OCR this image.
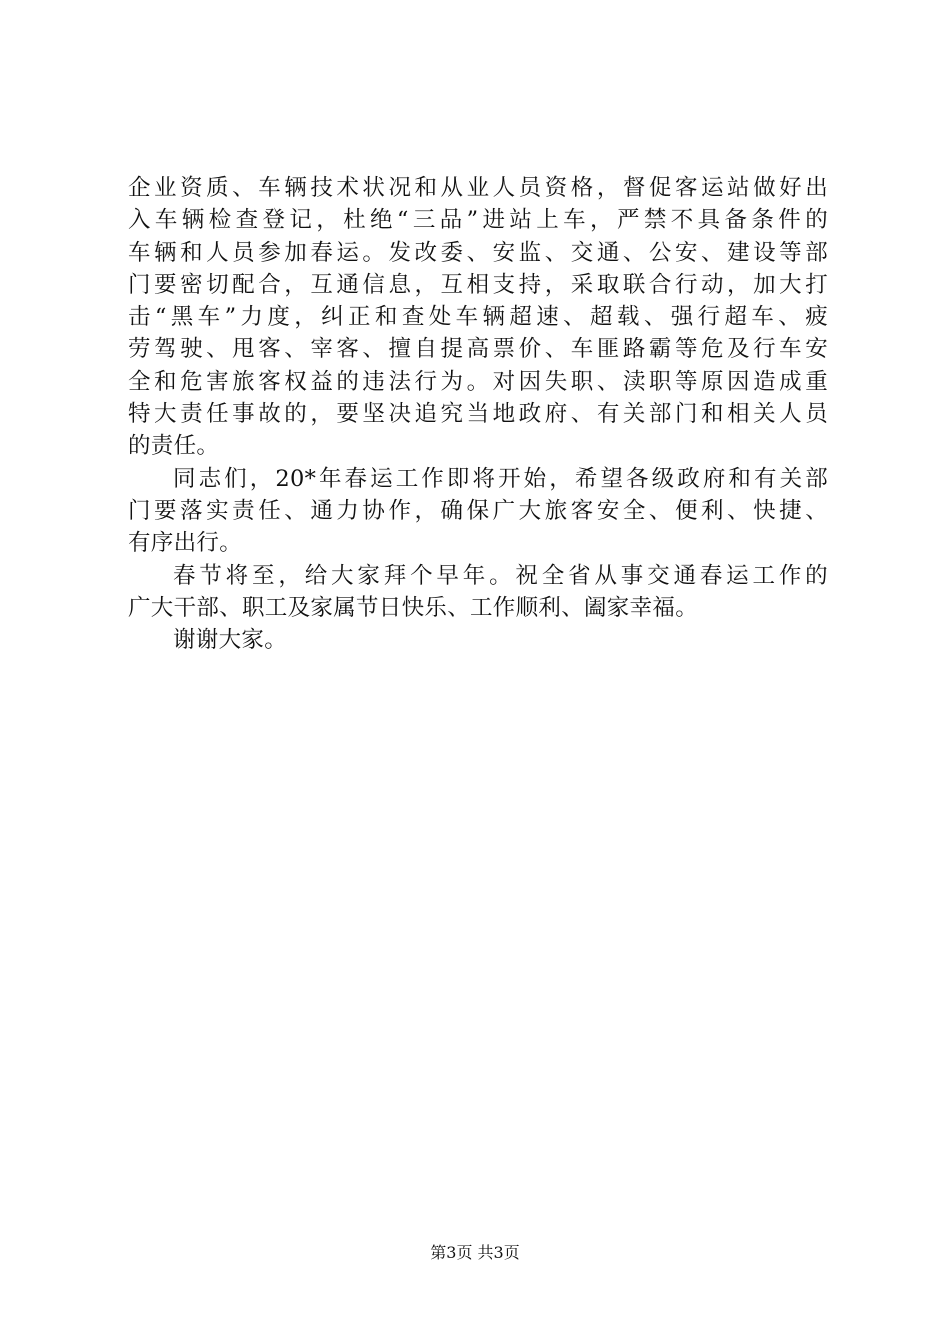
企业资质、车辆技术状况和从业人员资格，督促客运站做好出
入车辆检查登记，杜绝“三品”进站上车，严禁不具备条件的
车辆和人员参加春运。发改委、安监、交通、公安、建设等部
门要密切配合，互通信息，互相支持，采取联合行动，加大打
击“黑车”力度，纠正和查处车辆超速、超载、强行超车、疲
劳驾驶、甩客、宰客、擅自提高票价、车匪路霸等危及行车安
全和危害旅客权益的违法行为。对因失职、渎职等原因造成重
特大责任事故的，要坚决追究当地政府、有关部门和相关人员
的责任。
同志们，20*年春运工作即将开始，希望各级政府和有关部
门要落实责任、通力协作，确保广大旅客安全、便利、快捷、
有序出行。
春节将至，给大家拜个早年。祝全省从事交通春运工作的
广大干部、职工及家属节日快乐、工作顺利、阖家幸福。
谢谢大家。
第3页 共3页
